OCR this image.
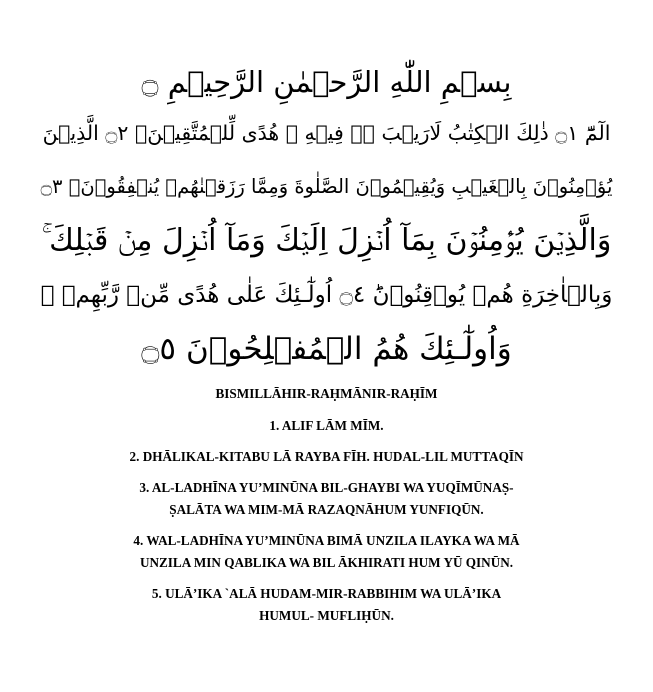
بِسۡمِ اللّٰهِ الرَّحۡمٰنِ الرَّحِيۡمِ ۝
الٓمّٓ ۝١ ذٰلِكَ الۡكِتٰبُ لَارَيۡبَ ۛۚ فِيۡهِ ۚ هُدًى لِّلۡمُتَّقِيۡنَۙ ۝٢ الَّذِيۡنَ
يُؤۡمِنُوۡنَ بِالۡغَيۡبِ وَيُقِيۡمُوۡنَ الصَّلٰوةَ وَمِمَّا رَزَقۡنٰهُمۡ يُنۡفِقُوۡنَۙ ۝٣
وَالَّذِيۡنَ يُؤۡمِنُوۡنَ بِمَآ اُنۡزِلَ اِلَيۡكَ وَمَآ اُنۡزِلَ مِنۡ قَبۡلِكَ ۚ
وَبِالۡاٰخِرَةِ هُمۡ يُوۡقِنُوۡنَؕ ۝٤ اُولٰٓـئِكَ عَلٰى هُدًى مِّنۡ رَّبِّهِمۡ ۙ
وَاُولٰٓـئِكَ هُمُ الۡمُفۡلِحُوۡنَ ۝٥
BISMILLĀHIR-RAḤMĀNIR-RAḤĪM
1. ALIF LĀM MĪM.
2. DHĀLIKAL-KITABU LĀ RAYBA FĪH. HUDAL-LIL MUTTAQĪN
3. AL-LADHĪNA YU’MINŪNA BIL-GHAYBI WA YUQĪMŪNAṢ-
ṢALĀTA WA MIM-MĀ RAZAQNĀHUM YUNFIQŪN.
4. WAL-LADHĪNA YU’MINŪNA BIMĀ UNZILA ILAYKA WA MĀ
UNZILA MIN QABLIKA WA BIL ĀKHIRATI HUM YŪ QINŪN.
5. ULĀ’IKA `ALĀ HUDAM-MIR-RABBIHIM WA ULĀ’IKA
HUMUL- MUFLIḤŪN.
